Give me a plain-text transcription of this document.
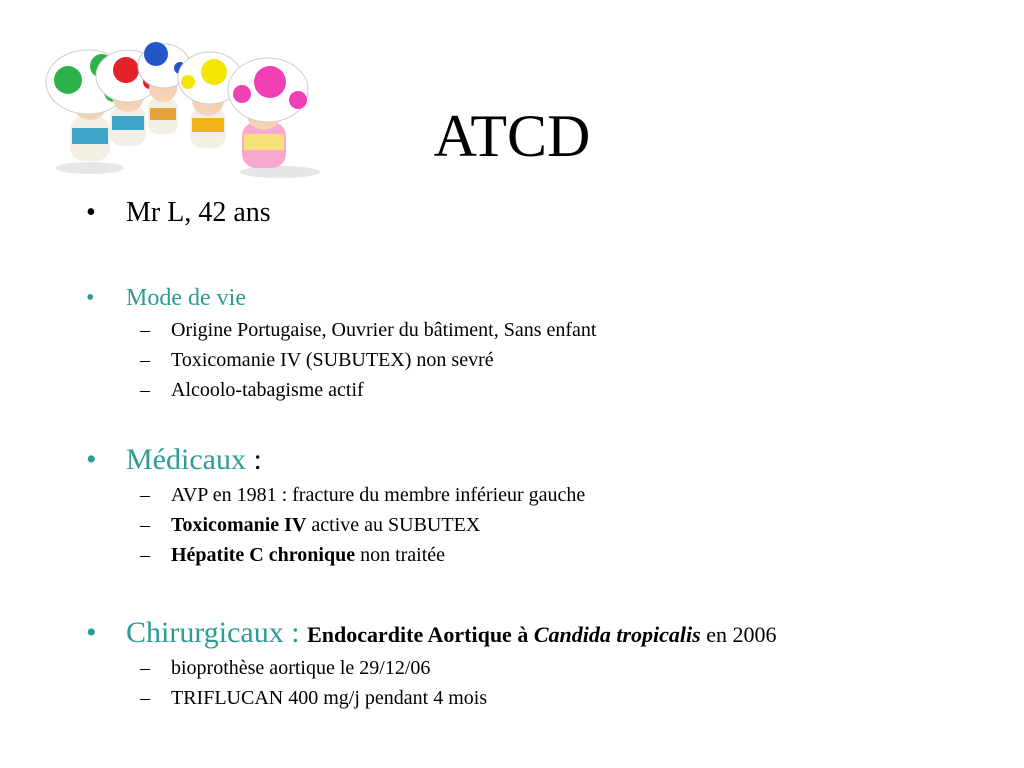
ATCD
• Mr L, 42 ans
• Mode de vie
– Origine Portugaise, Ouvrier du bâtiment, Sans enfant
– Toxicomanie IV (SUBUTEX) non sevré
– Alcoolo-tabagisme actif
• Médicaux :
– AVP en 1981 : fracture du membre inférieur gauche
– Toxicomanie IV active au SUBUTEX
– Hépatite C chronique non traitée
• Chirurgicaux : Endocardite Aortique à Candida tropicalis en 2006
– bioprothèse aortique le 29/12/06
– TRIFLUCAN 400 mg/j pendant 4 mois
